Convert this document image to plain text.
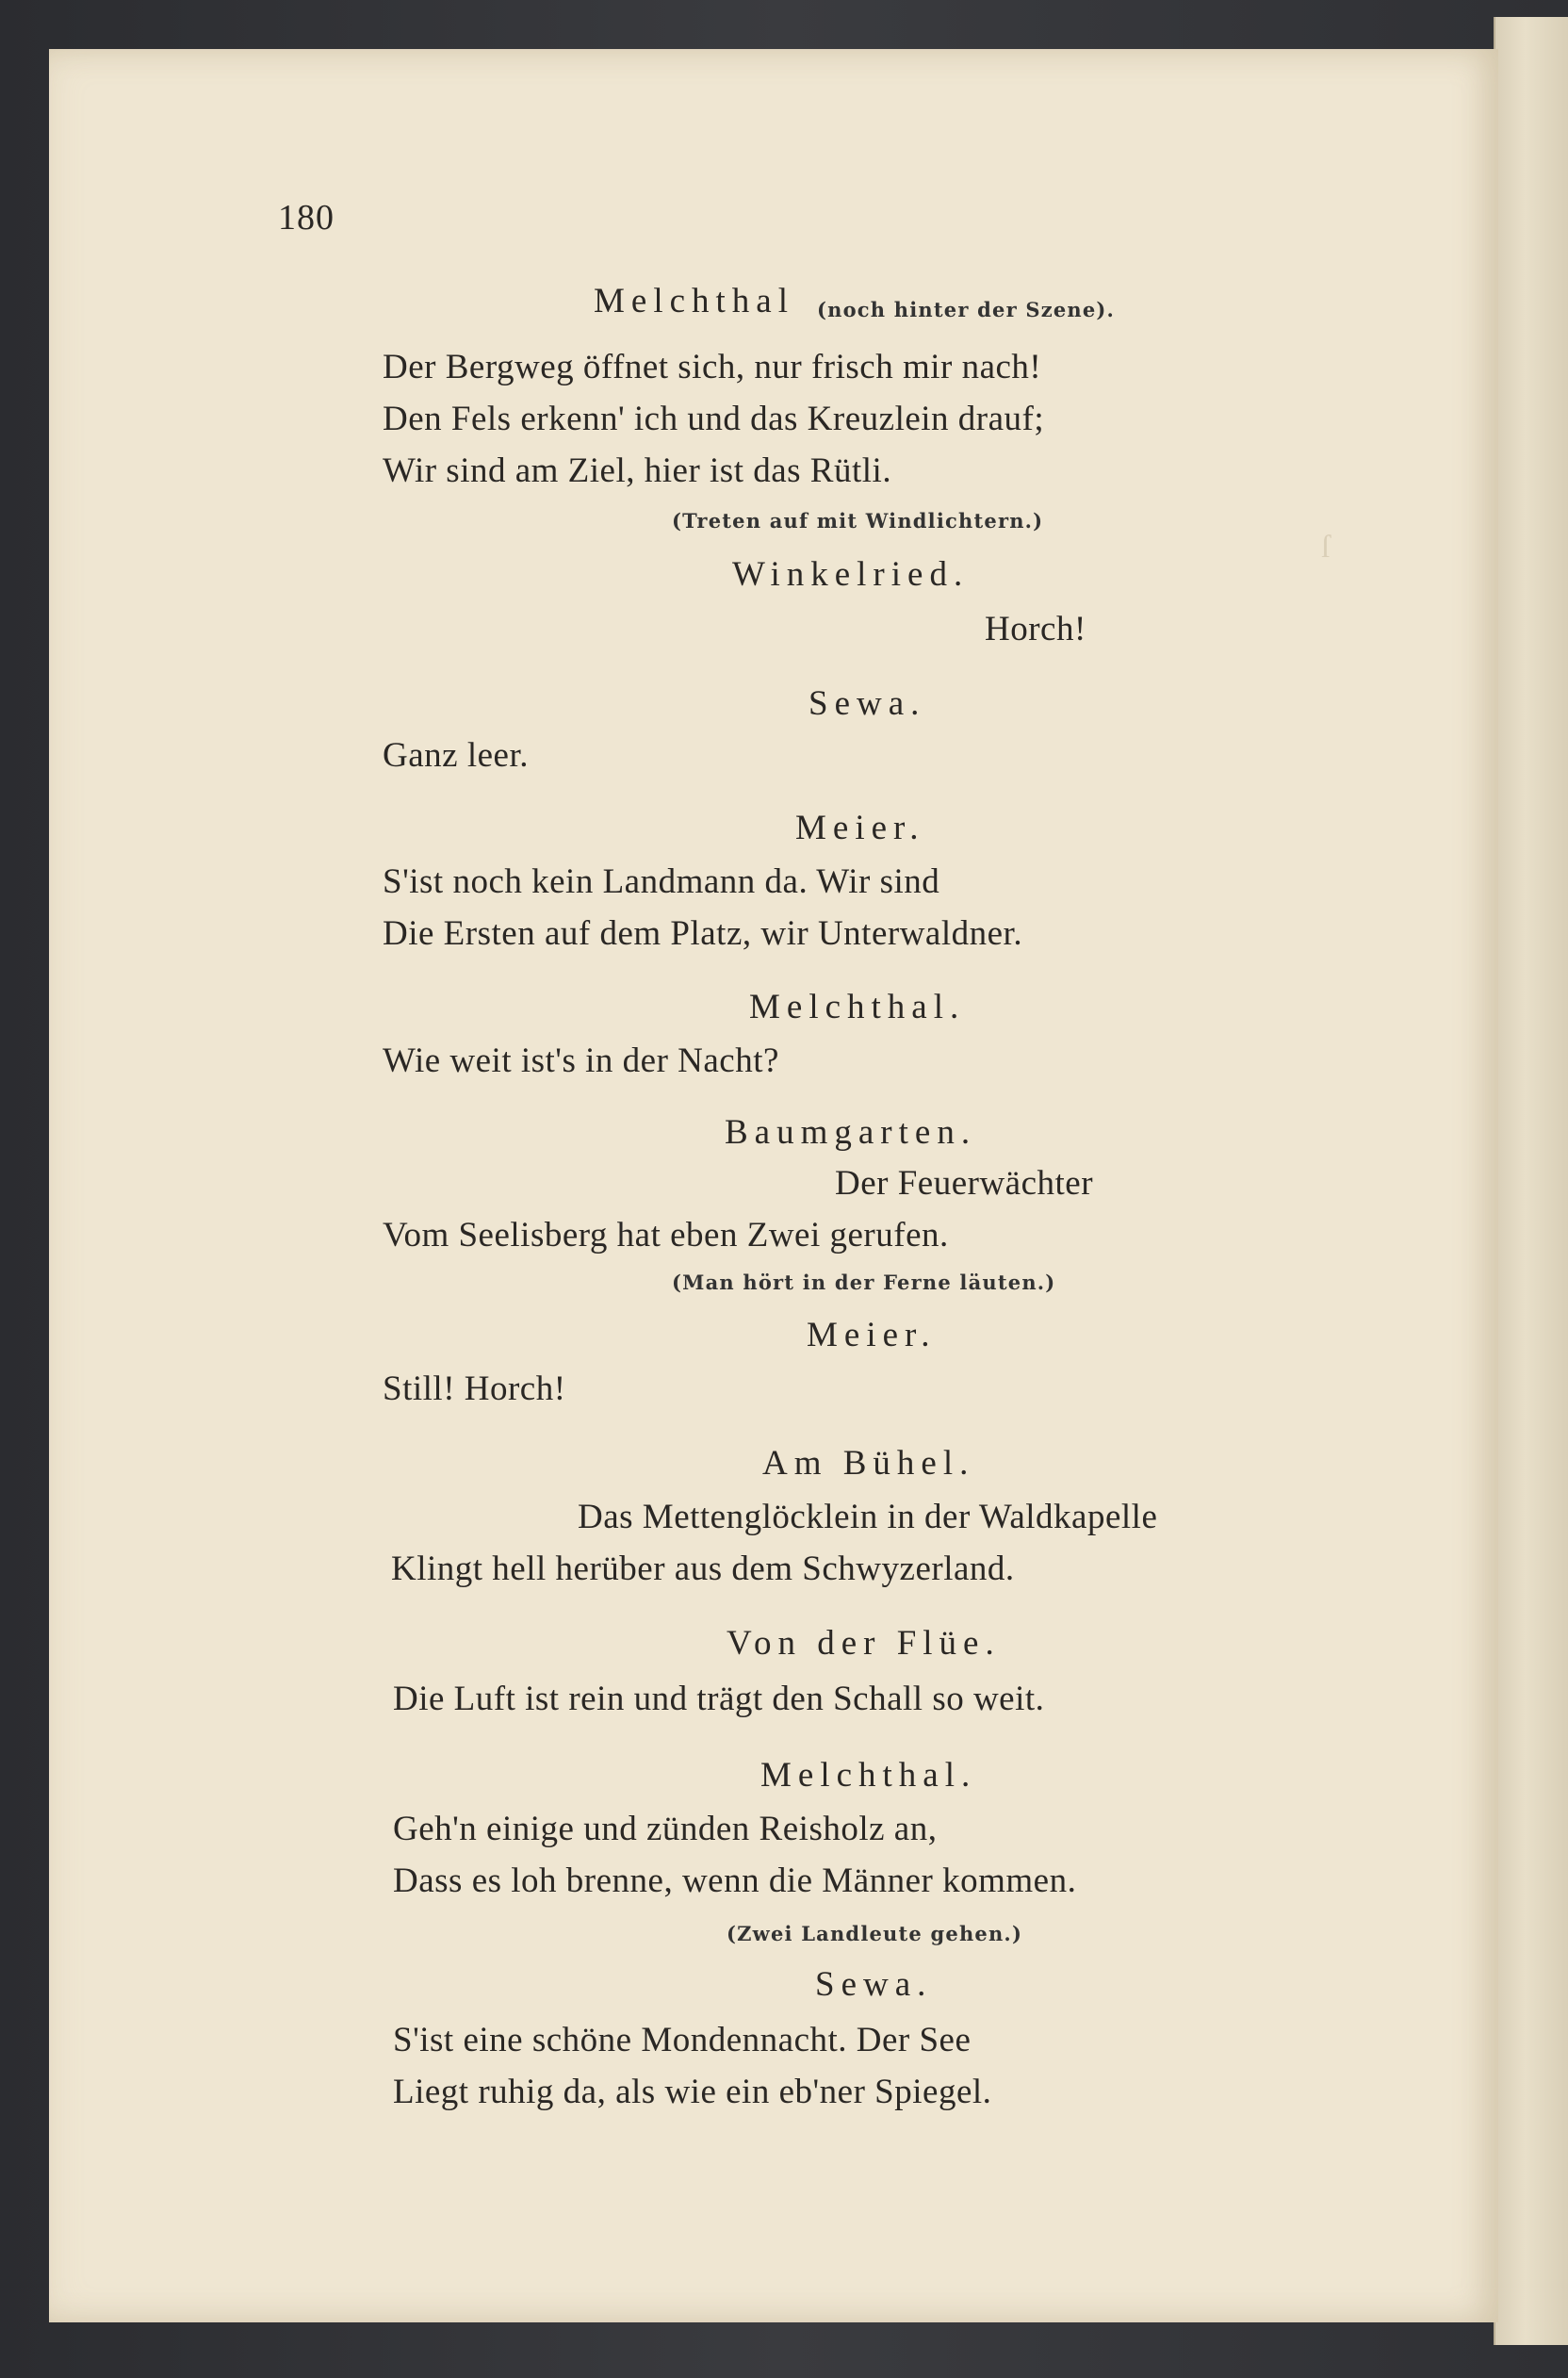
ſ
180
Melchthal (noch hinter der Szene).
Der Bergweg öffnet sich, nur frisch mir nach!
Den Fels erkenn' ich und das Kreuzlein drauf;
Wir sind am Ziel, hier ist das Rütli.
(Treten auf mit Windlichtern.)
Winkelried.
Horch!
Sewa.
Ganz leer.
Meier.
S'ist noch kein Landmann da. Wir sind
Die Ersten auf dem Platz, wir Unterwaldner.
Melchthal.
Wie weit ist's in der Nacht?
Baumgarten.
Der Feuerwächter
Vom Seelisberg hat eben Zwei gerufen.
(Man hört in der Ferne läuten.)
Meier.
Still! Horch!
Am Bühel.
Das Mettenglöcklein in der Waldkapelle
Klingt hell herüber aus dem Schwyzerland.
Von der Flüe.
Die Luft ist rein und trägt den Schall so weit.
Melchthal.
Geh'n einige und zünden Reisholz an,
Dass es loh brenne, wenn die Männer kommen.
(Zwei Landleute gehen.)
Sewa.
S'ist eine schöne Mondennacht. Der See
Liegt ruhig da, als wie ein eb'ner Spiegel.
